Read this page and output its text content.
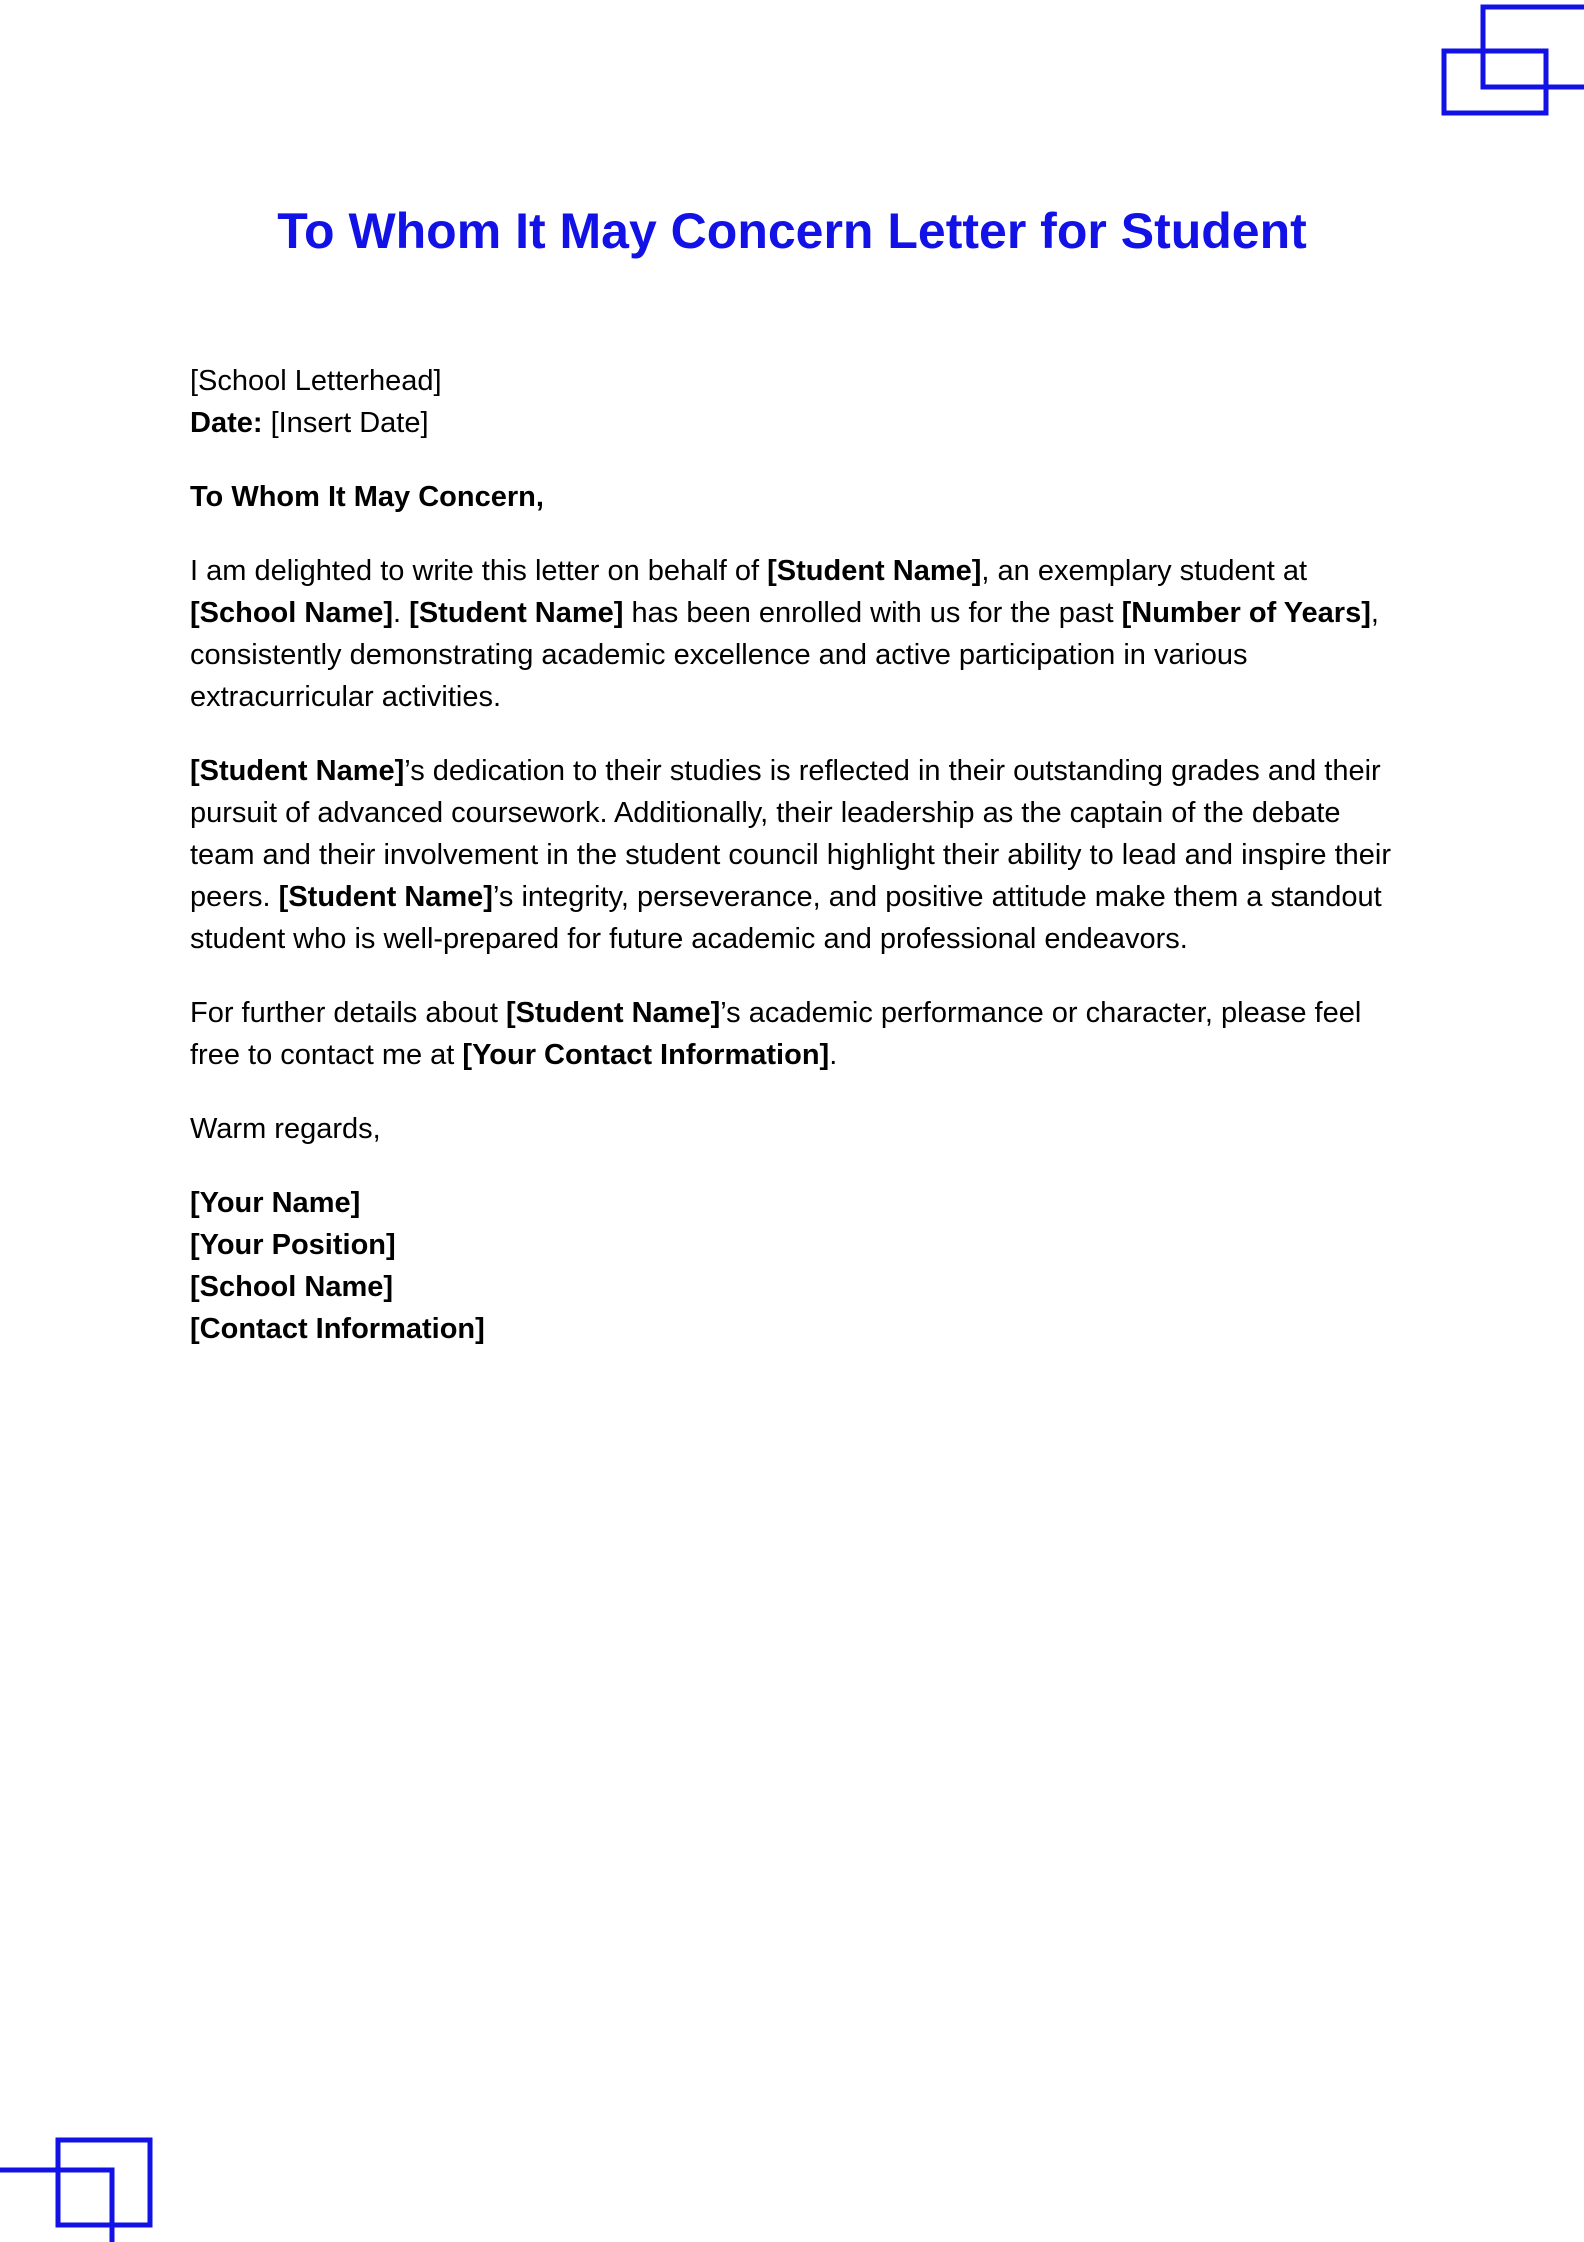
To Whom It May Concern Letter for Student

[School Letterhead]
Date: [Insert Date]

To Whom It May Concern,

I am delighted to write this letter on behalf of [Student Name], an exemplary student at [School Name]. [Student Name] has been enrolled with us for the past [Number of Years], consistently demonstrating academic excellence and active participation in various extracurricular activities.

[Student Name]’s dedication to their studies is reflected in their outstanding grades and their pursuit of advanced coursework. Additionally, their leadership as the captain of the debate team and their involvement in the student council highlight their ability to lead and inspire their peers. [Student Name]’s integrity, perseverance, and positive attitude make them a standout student who is well-prepared for future academic and professional endeavors.

For further details about [Student Name]’s academic performance or character, please feel free to contact me at [Your Contact Information].

Warm regards,

[Your Name]
[Your Position]
[School Name]
[Contact Information]
